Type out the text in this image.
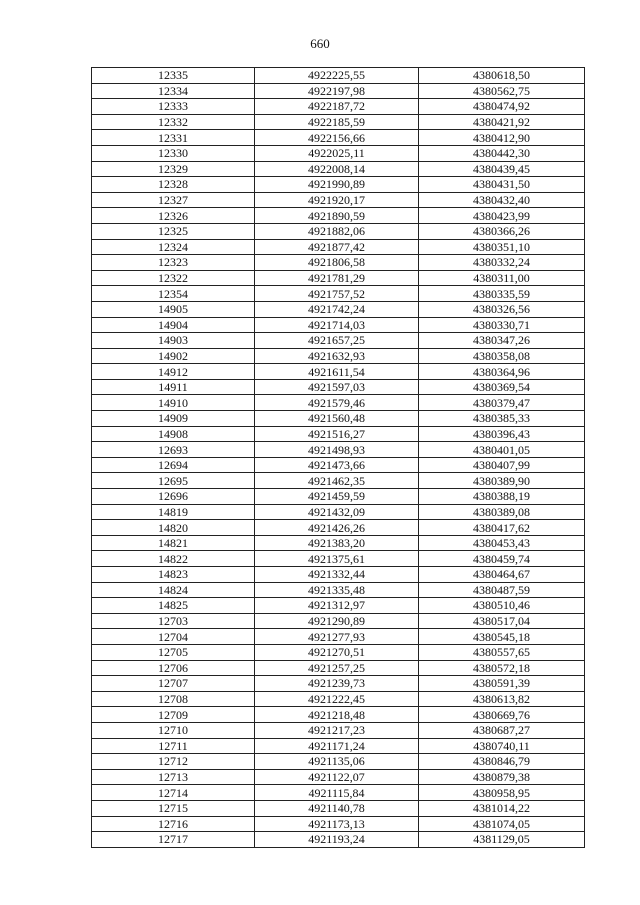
660
12335	4922225,55	4380618,50
12334	4922197,98	4380562,75
12333	4922187,72	4380474,92
12332	4922185,59	4380421,92
12331	4922156,66	4380412,90
12330	4922025,11	4380442,30
12329	4922008,14	4380439,45
12328	4921990,89	4380431,50
12327	4921920,17	4380432,40
12326	4921890,59	4380423,99
12325	4921882,06	4380366,26
12324	4921877,42	4380351,10
12323	4921806,58	4380332,24
12322	4921781,29	4380311,00
12354	4921757,52	4380335,59
14905	4921742,24	4380326,56
14904	4921714,03	4380330,71
14903	4921657,25	4380347,26
14902	4921632,93	4380358,08
14912	4921611,54	4380364,96
14911	4921597,03	4380369,54
14910	4921579,46	4380379,47
14909	4921560,48	4380385,33
14908	4921516,27	4380396,43
12693	4921498,93	4380401,05
12694	4921473,66	4380407,99
12695	4921462,35	4380389,90
12696	4921459,59	4380388,19
14819	4921432,09	4380389,08
14820	4921426,26	4380417,62
14821	4921383,20	4380453,43
14822	4921375,61	4380459,74
14823	4921332,44	4380464,67
14824	4921335,48	4380487,59
14825	4921312,97	4380510,46
12703	4921290,89	4380517,04
12704	4921277,93	4380545,18
12705	4921270,51	4380557,65
12706	4921257,25	4380572,18
12707	4921239,73	4380591,39
12708	4921222,45	4380613,82
12709	4921218,48	4380669,76
12710	4921217,23	4380687,27
12711	4921171,24	4380740,11
12712	4921135,06	4380846,79
12713	4921122,07	4380879,38
12714	4921115,84	4380958,95
12715	4921140,78	4381014,22
12716	4921173,13	4381074,05
12717	4921193,24	4381129,05
